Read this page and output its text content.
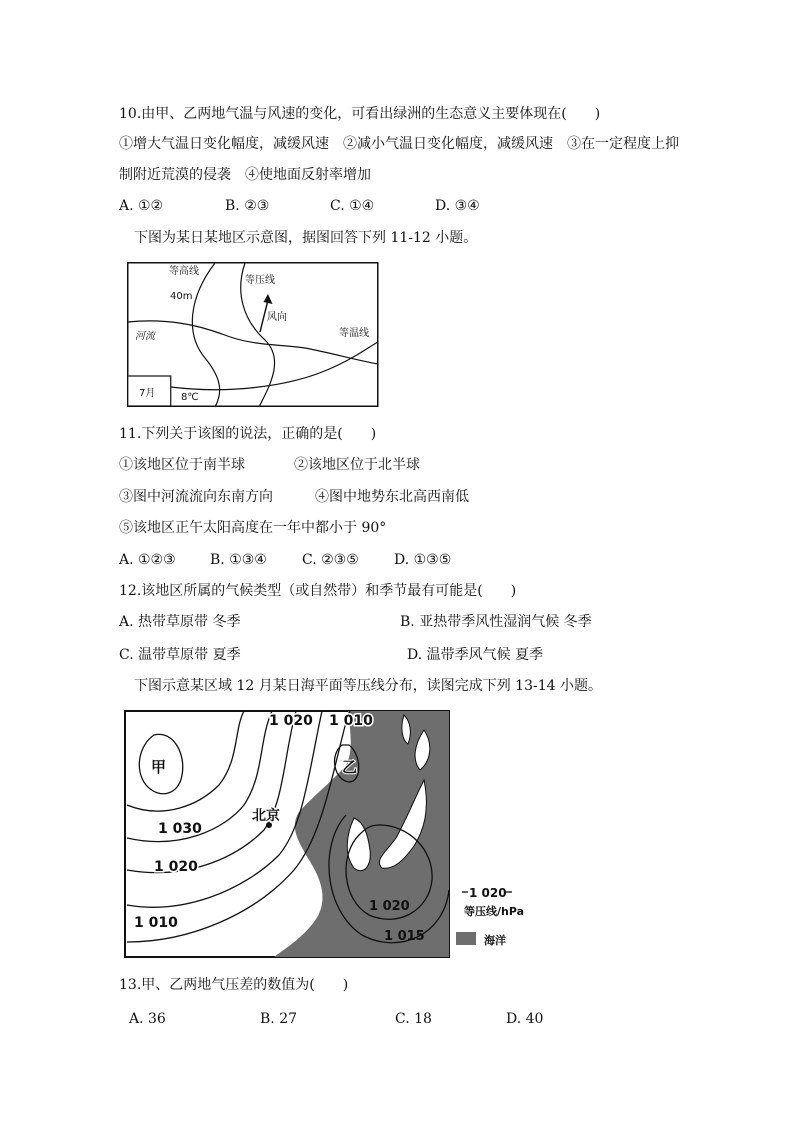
10.由甲、乙两地气温与风速的变化，可看出绿洲的生态意义主要体现在(　　)
①增大气温日变化幅度，减缓风速　②减小气温日变化幅度，减缓风速　③在一定程度上抑
制附近荒漠的侵袭　④使地面反射率增加
A. ①②	B. ②③	C. ①④	D. ③④
下图为某日某地区示意图，据图回答下列 11-12 小题。
等高线
40m
等压线
风向
河流	等温线
7月	8℃
11.下列关于该图的说法，正确的是(　　)
①该地区位于南半球	②该地区位于北半球
③图中河流流向东南方向	④图中地势东北高西南低
⑤该地区正午太阳高度在一年中都小于 90°
A. ①②③ B. ①③④	C. ②③⑤	D. ①③⑤
12.该地区所属的气候类型（或自然带）和季节最有可能是(　　)
A. 热带草原带 冬季	B. 亚热带季风性湿润气候 冬季
C. 温带草原带 夏季	D. 温带季风气候 夏季
下图示意某区域 12 月某日海平面等压线分布，读图完成下列 13-14 小题。
1 020 1 010
甲	乙
北京
1 030
1 020
1 010
1 020
1 015
1 020
等压线/hPa
海洋
13.甲、乙两地气压差的数值为(　　)
A. 36	B. 27	C. 18	D. 40
